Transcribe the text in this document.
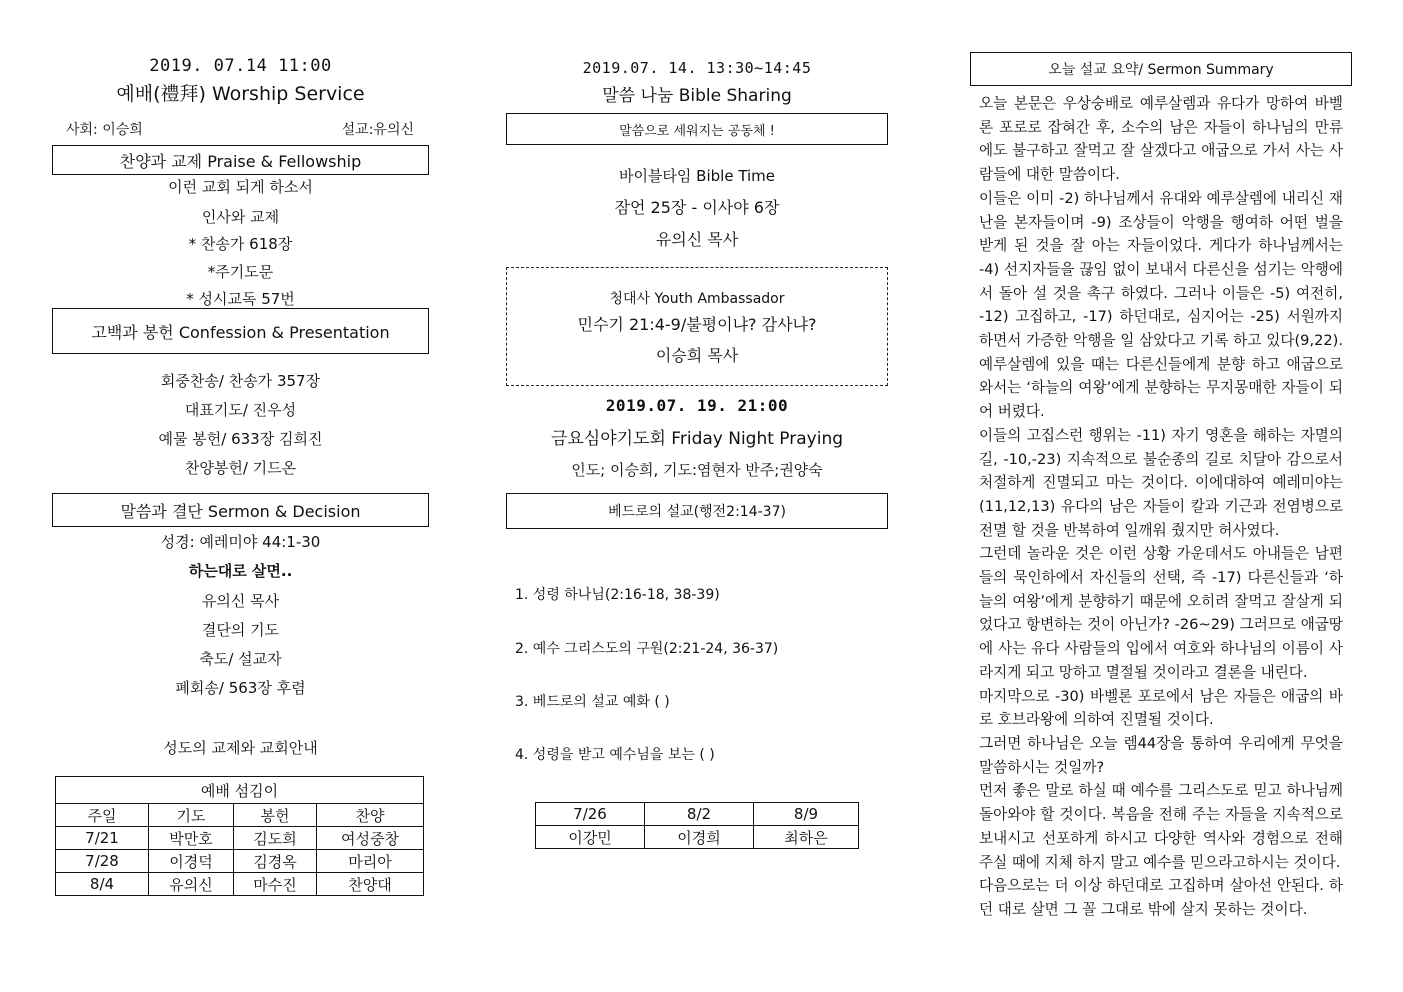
2019. 07.14 11:00
예배(禮拜) Worship Service
사회: 이승희	설교:유의신
찬양과 교제 Praise & Fellowship
이런 교회 되게 하소서
인사와 교제
* 찬송가 618장
*주기도문
* 성시교독 57번
고백과 봉헌 Confession & Presentation
회중찬송/ 찬송가 357장
대표기도/ 진우성
예물 봉헌/ 633장 김희진
찬양봉헌/ 기드온
말씀과 결단 Sermon & Decision
성경: 예레미야 44:1-30
하는대로 살면..
유의신 목사
결단의 기도
축도/ 설교자
폐회송/ 563장 후렴
성도의 교제와 교회안내
예배 섬김이			
주일	기도	봉헌	찬양
7/21	박만호	김도희	여성중창
7/28	이경덕	김경옥	마리아
8/4	유의신	마수진	찬양대
2019.07. 14. 13:30~14:45
말씀 나눔 Bible Sharing
말씀으로 세워지는 공동체 !
바이블타임 Bible Time
잠언 25장 - 이사야 6장
유의신 목사
청대사 Youth Ambassador
민수기 21:4-9/불평이냐? 감사냐?
이승희 목사
2019.07. 19. 21:00
금요심야기도회 Friday Night Praying
인도; 이승희, 기도:염현자 반주;권양숙
베드로의 설교(행전2:14-37)
1. 성령 하나님(2:16-18, 38-39)
2. 예수 그리스도의 구원(2:21-24, 36-37)
3. 베드로의 설교 예화 ( )
4. 성령을 받고 예수님을 보는 ( )
7/26	8/2	8/9
이강민	이경희	최하은
오늘 설교 요약/ Sermon Summary

오늘 본문은 우상숭배로 예루살렘과 유다가 망하여 바벨론 포로로 잡혀간 후, 소수의 남은 자들이 하나님의 만류에도 불구하고 잘먹고 잘 살겠다고 애굽으로 가서 사는 사람들에 대한 말씀이다.

이들은 이미 -2) 하나님께서 유대와 예루살렘에 내리신 재난을 본자들이며 -9) 조상들이 악행을 행여하 어떤 벌을 받게 된 것을 잘 아는 자들이었다. 게다가 하나님께서는 -4) 선지자들을 끊임 없이 보내서 다른신을 섬기는 악행에서 돌아 설 것을 촉구 하였다. 그러나 이들은 -5) 여전히, -12) 고집하고, -17) 하던대로, 심지어는 -25) 서원까지 하면서 가증한 악행을 일 삼았다고 기록 하고 있다(9,22). 예루살렘에 있을 때는 다른신들에게 분향 하고 애굽으로 와서는 ‘하늘의 여왕’에게 분향하는 무지몽매한 자들이 되어 버렸다.

이들의 고집스런 행위는 -11) 자기 영혼을 해하는 자멸의 길, -10,-23) 지속적으로 불순종의 길로 치달아 감으로서 처절하게 진멸되고 마는 것이다. 이에대하여 예레미야는 (11,12,13) 유다의 남은 자들이 칼과 기근과 전염병으로 전멸 할 것을 반복하여 일깨워 줬지만 허사였다.

그런데 놀라운 것은 이런 상황 가운데서도 아내들은 남편들의 묵인하에서 자신들의 선택, 즉 -17) 다른신들과 ‘하늘의 여왕’에게 분향하기 때문에 오히려 잘먹고 잘살게 되었다고 항변하는 것이 아닌가? -26~29) 그러므로 애굽땅에 사는 유다 사람들의 입에서 여호와 하나님의 이름이 사라지게 되고 망하고 멸절될 것이라고 결론을 내린다.

마지막으로 -30) 바벨론 포로에서 남은 자들은 애굽의 바로 호브라왕에 의하여 진멸될 것이다.

그러면 하나님은 오늘 렘44장을 통하여 우리에게 무엇을 말씀하시는 것일까?

먼저 좋은 말로 하실 때 예수를 그리스도로 믿고 하나님께 돌아와야 할 것이다. 복음을 전해 주는 자들을 지속적으로 보내시고 선포하게 하시고 다양한 역사와 경험으로 전해 주실 때에 지체 하지 말고 예수를 믿으라고하시는 것이다.

다음으로는 더 이상 하던대로 고집하며 살아선 안된다. 하던 대로 살면 그 꼴 그대로 밖에 살지 못하는 것이다.
